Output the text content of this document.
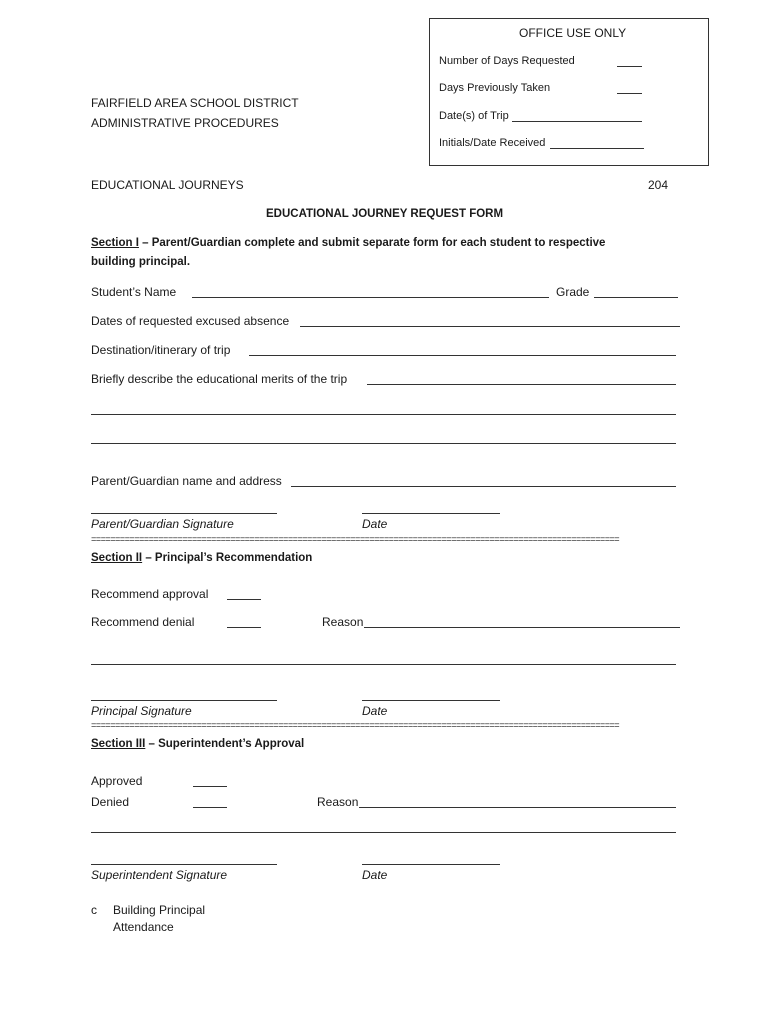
OFFICE USE ONLY
Number of Days Requested
Days Previously Taken
Date(s) of Trip
Initials/Date Received
FAIRFIELD AREA SCHOOL DISTRICT
ADMINISTRATIVE PROCEDURES
EDUCATIONAL JOURNEYS	204
EDUCATIONAL JOURNEY REQUEST FORM
Section I – Parent/Guardian complete and submit separate form for each student to respective
building principal.
Student’s Name	Grade
Dates of requested excused absence
Destination/itinerary of trip
Briefly describe the educational merits of the trip
Parent/Guardian name and address
Parent/Guardian Signature	Date
==============================================================================================================
Section II – Principal’s Recommendation
Recommend approval
Recommend denial	Reason
Principal Signature	Date
==============================================================================================================
Section III – Superintendent’s Approval
Approved
Denied	Reason
Superintendent Signature	Date
c Building Principal
Attendance
